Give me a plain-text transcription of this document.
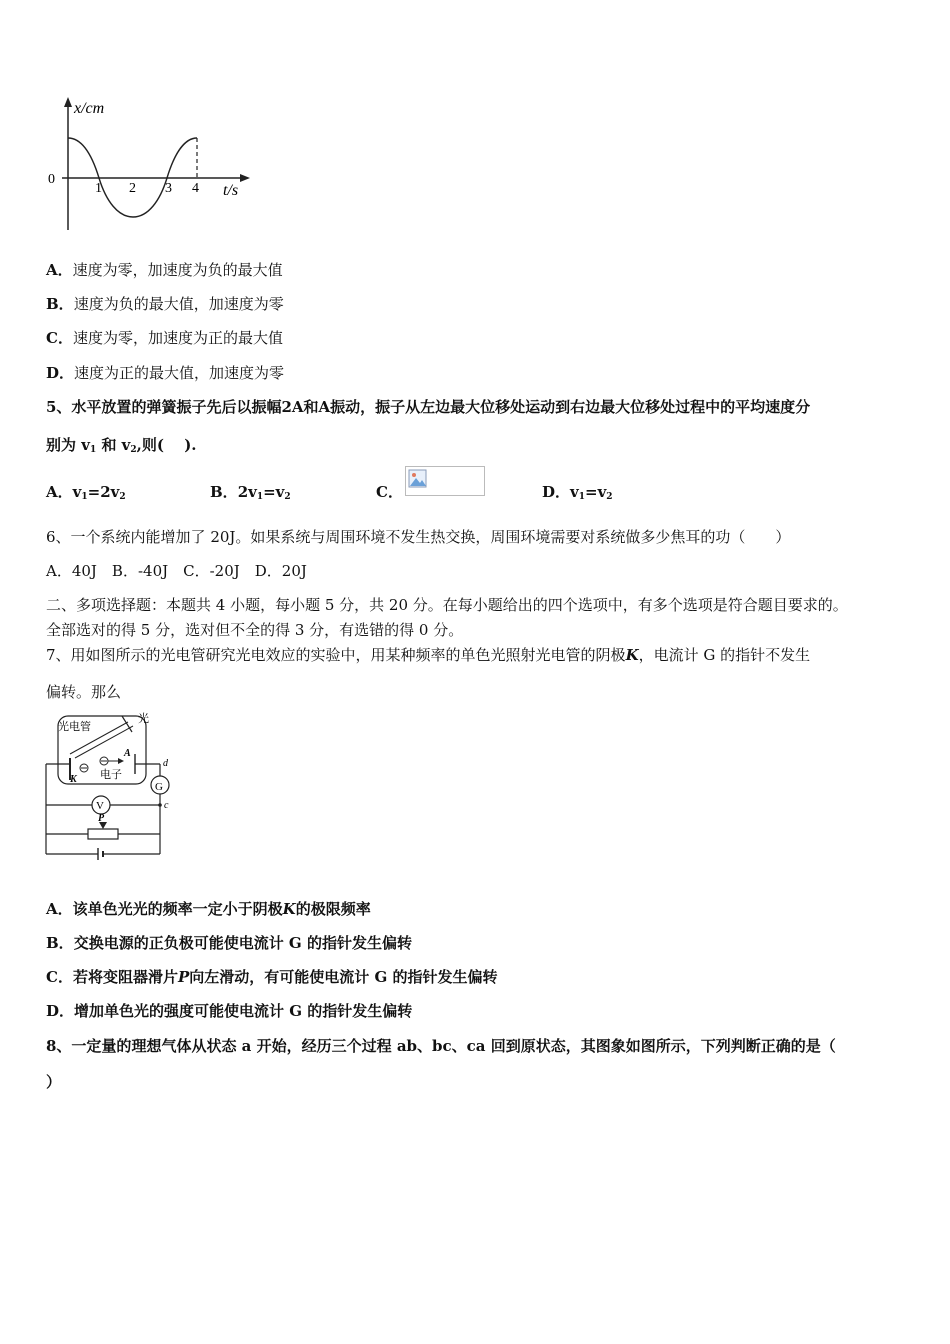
x/cm
0
1 2 3 4 t/s
A．速度为零，加速度为负的最大值
B．速度为负的最大值，加速度为零
C．速度为零，加速度为正的最大值
D．速度为正的最大值，加速度为零
5、水平放置的弹簧振子先后以振幅2A和A振动，振子从左边最大位移处运动到右边最大位移处过程中的平均速度分
别为 $v_1$ 和 $v_2$,则(　 ).
A．$v_1=2v_2$	B．$2v_1=v_2$	C．	D．$v_1=v_2$
6、一个系统内能增加了 20J。如果系统与周围环境不发生热交换，周围环境需要对系统做多少焦耳的功（　　）
A．40J　B．-40J　C．-20J　D．20J
二、多项选择题：本题共 4 小题，每小题 5 分，共 20 分。在每小题给出的四个选项中，有多个选项是符合题目要求的。
全部选对的得 5 分，选对但不全的得 3 分，有选错的得 0 分。
7、用如图所示的光电管研究光电效应的实验中，用某种频率的单色光照射光电管的阴极K，电流计 G 的指针不发生
偏转。那么
光电管
光
K
A
电子
G
d
c
V
P
A．该单色光光的频率一定小于阴极K的极限频率
B．交换电源的正负极可能使电流计 G 的指针发生偏转
C．若将变阻器滑片P向左滑动，有可能使电流计 G 的指针发生偏转
D．增加单色光的强度可能使电流计 G 的指针发生偏转
8、一定量的理想气体从状态 a 开始，经历三个过程 ab、bc、ca 回到原状态，其图象如图所示，下列判断正确的是（
）
